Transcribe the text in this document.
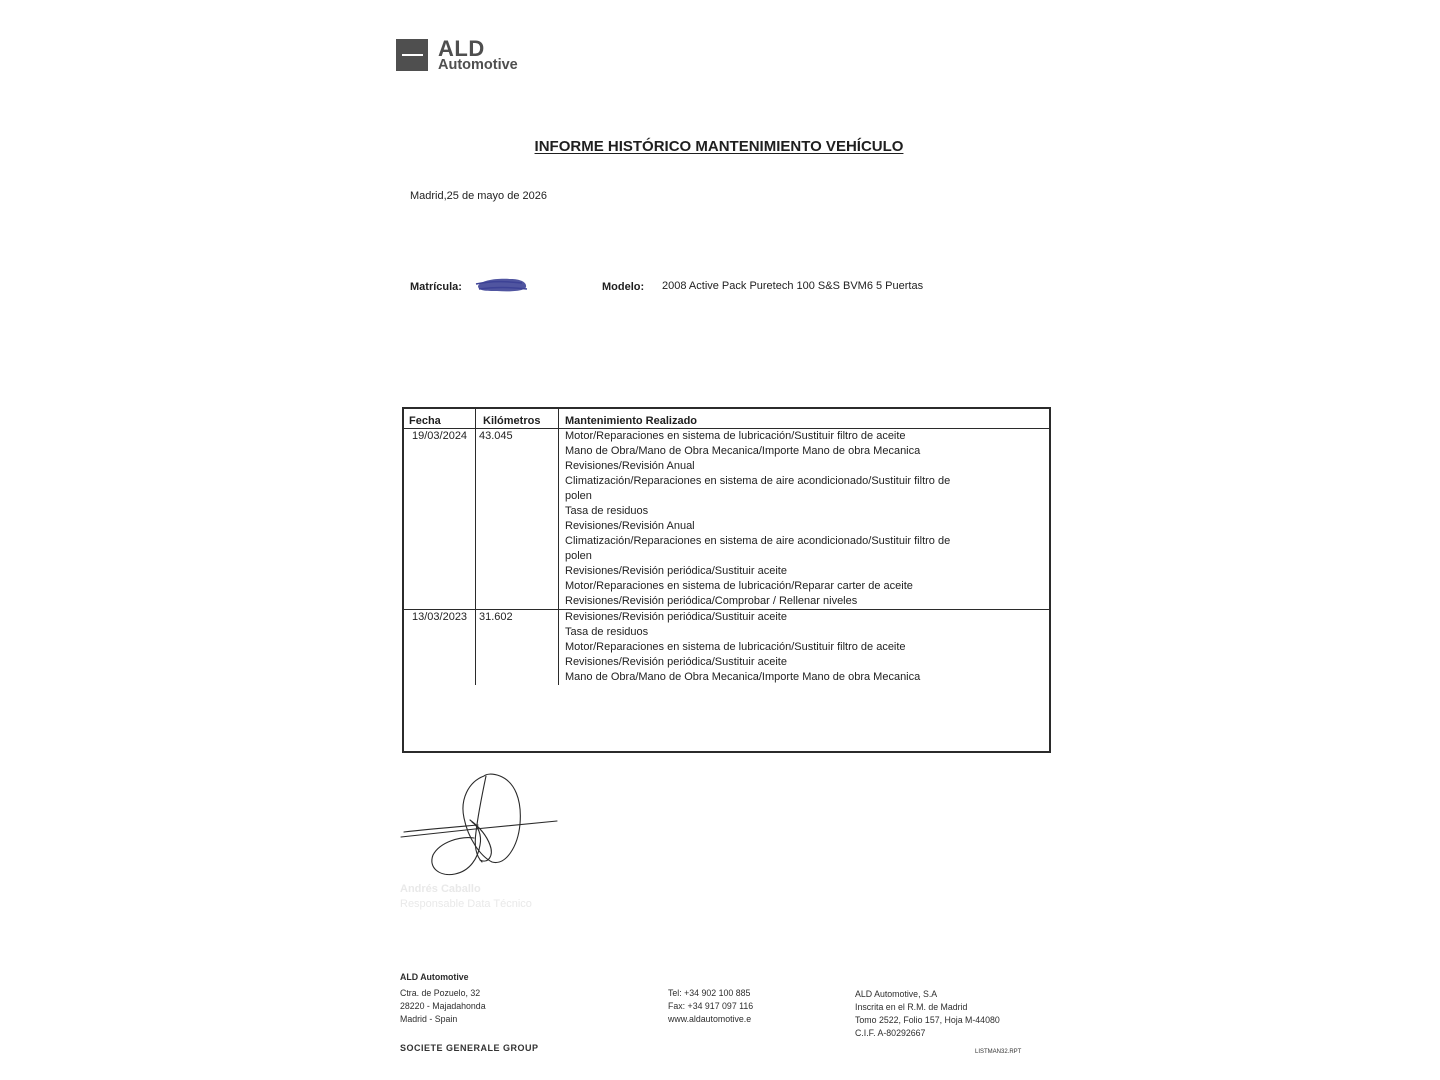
ALD
Automotive
INFORME HISTÓRICO MANTENIMIENTO VEHÍCULO
Madrid,25 de mayo de 2026
Matrícula:	Modelo: 2008 Active Pack Puretech 100 S&S BVM6 5 Puertas
Fecha	Kilómetros	Mantenimiento Realizado
19/03/2024	43.045	Motor/Reparaciones en sistema de lubricación/Sustituir filtro de aceite
Mano de Obra/Mano de Obra Mecanica/Importe Mano de obra Mecanica
Revisiones/Revisión Anual
Climatización/Reparaciones en sistema de aire acondicionado/Sustituir filtro de polen
Tasa de residuos
Revisiones/Revisión Anual
Climatización/Reparaciones en sistema de aire acondicionado/Sustituir filtro de polen
Revisiones/Revisión periódica/Sustituir aceite
Motor/Reparaciones en sistema de lubricación/Reparar carter de aceite
Revisiones/Revisión periódica/Comprobar / Rellenar niveles
13/03/2023	31.602	Revisiones/Revisión periódica/Sustituir aceite
Tasa de residuos
Motor/Reparaciones en sistema de lubricación/Sustituir filtro de aceite
Revisiones/Revisión periódica/Sustituir aceite
Mano de Obra/Mano de Obra Mecanica/Importe Mano de obra Mecanica
Andrés Caballo
Responsable Data Técnico
ALD Automotive
Ctra. de Pozuelo, 32
28220 - Majadahonda
Madrid - Spain
Tel: +34 902 100 885
Fax: +34 917 097 116
www.aldautomotive.e
ALD Automotive, S.A
Inscrita en el R.M. de Madrid
Tomo 2522, Folio 157, Hoja M-44080
C.I.F. A-80292667
SOCIETE GENERALE GROUP	LISTMAN32.RPT
